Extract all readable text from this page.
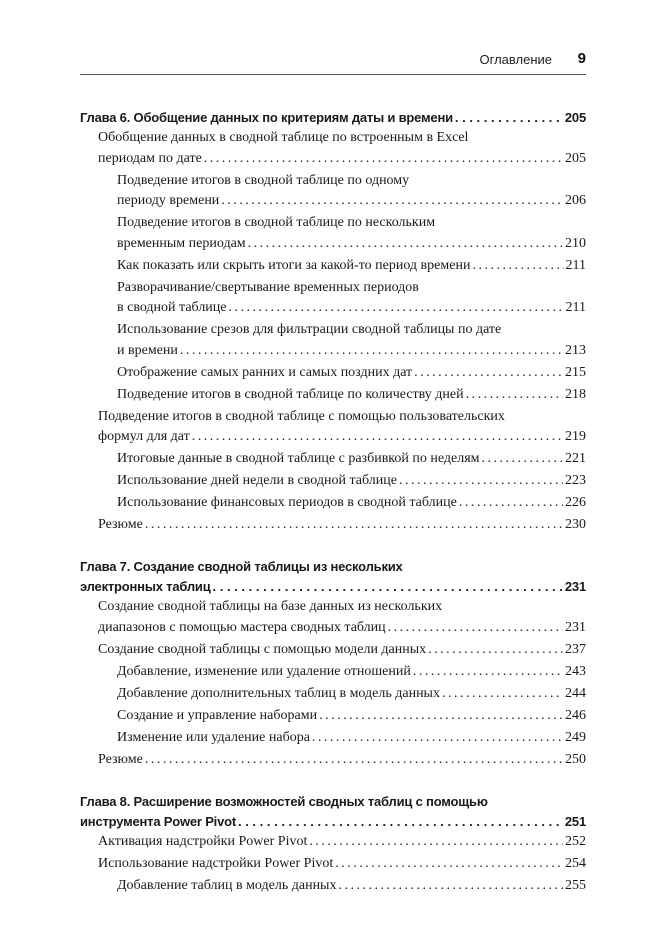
Оглавление 9
Глава 6. Обобщение данных по критериям даты и времени . . .	205
Обобщение данных в сводной таблице по встроенным в Excel
периодам по дате . . .	205
Подведение итогов в сводной таблице по одному
периоду времени . . .	206
Подведение итогов в сводной таблице по нескольким
временным периодам . . .	210
Как показать или скрыть итоги за какой-то период времени . . .	211
Разворачивание/свертывание временных периодов
в сводной таблице . . .	211
Использование срезов для фильтрации сводной таблицы по дате
и времени . . .	213
Отображение самых ранних и самых поздних дат . . .	215
Подведение итогов в сводной таблице по количеству дней . . .	218
Подведение итогов в сводной таблице с помощью пользовательских
формул для дат . . .	219
Итоговые данные в сводной таблице с разбивкой по неделям . . .	221
Использование дней недели в сводной таблице . . .	223
Использование финансовых периодов в сводной таблице . . .	226
Резюме . . .	230
Глава 7. Создание сводной таблицы из нескольких
электронных таблиц . . .	231
Создание сводной таблицы на базе данных из нескольких
диапазонов с помощью мастера сводных таблиц . . .	231
Создание сводной таблицы с помощью модели данных . . .	237
Добавление, изменение или удаление отношений . . .	243
Добавление дополнительных таблиц в модель данных . . .	244
Создание и управление наборами . . .	246
Изменение или удаление набора . . .	249
Резюме . . .	250
Глава 8. Расширение возможностей сводных таблиц с помощью
инструмента Power Pivot . . .	251
Активация надстройки Power Pivot . . .	252
Использование надстройки Power Pivot . . .	254
Добавление таблиц в модель данных . . .	255
